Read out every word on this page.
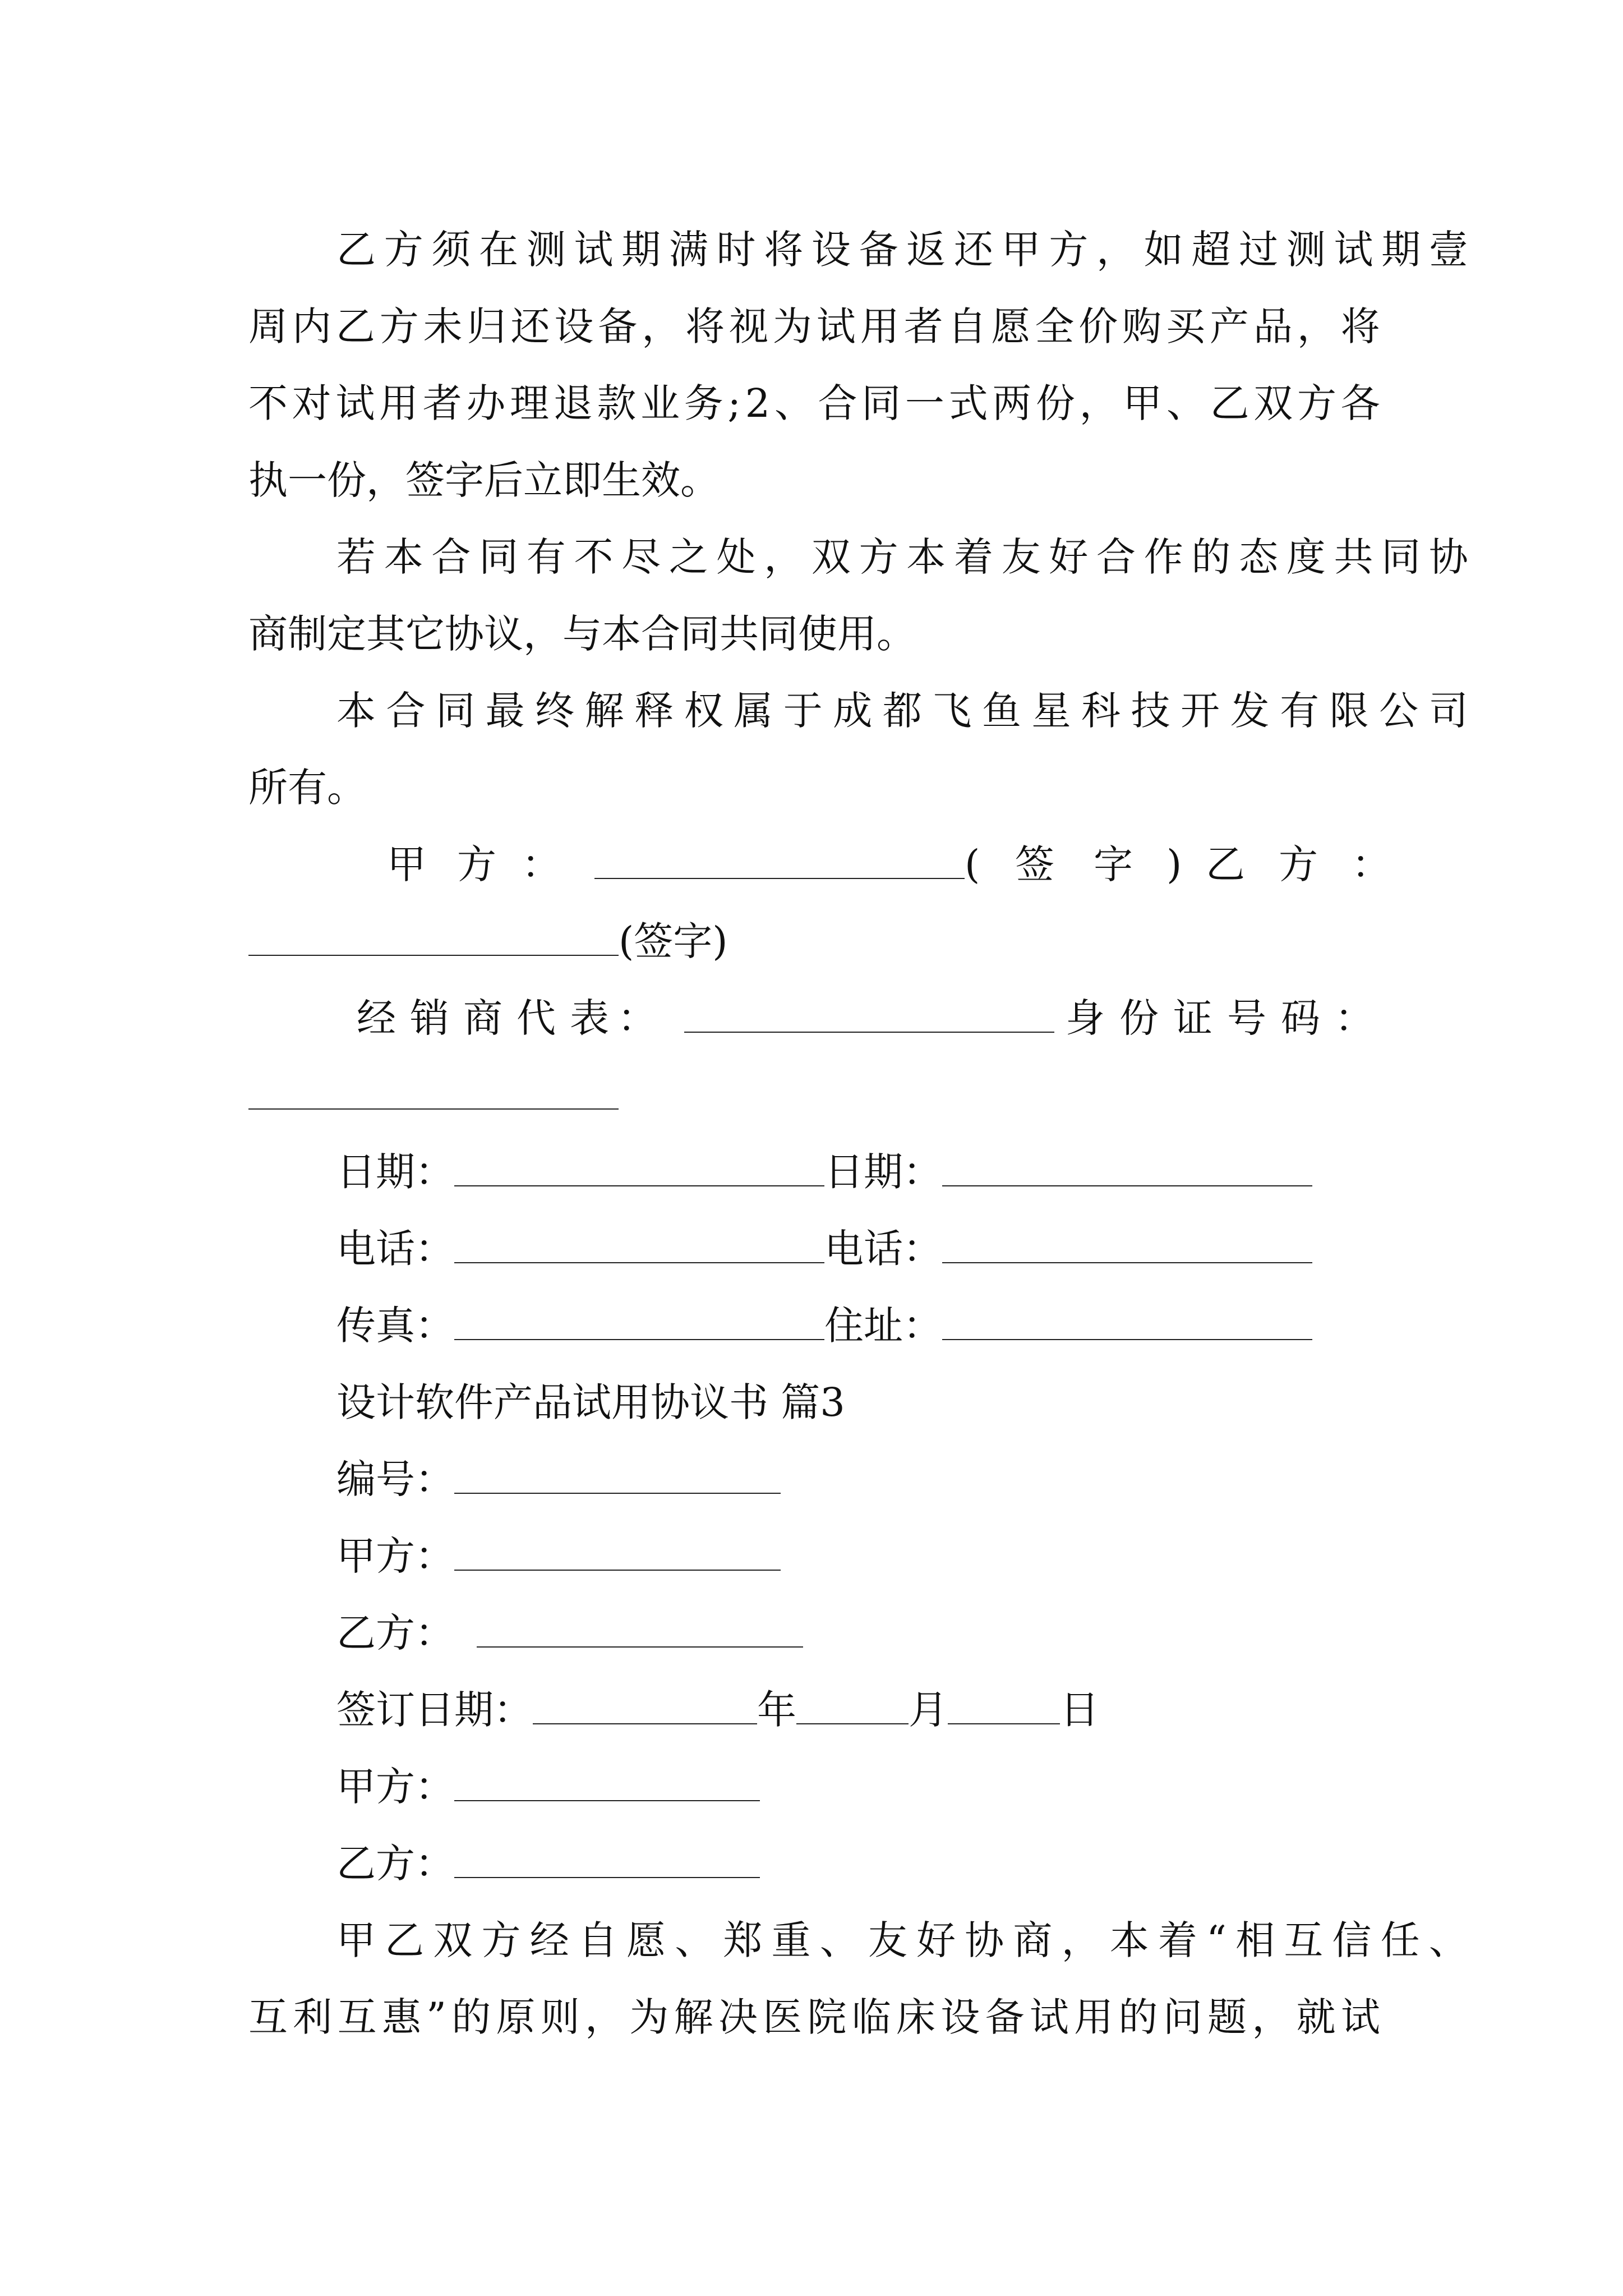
乙 方 须 在 测 试 期 满 时 将 设 备 返 还 甲 方 ， 如 超 过 测 试 期 壹
周 内 乙 方 未 归 还 设 备 ， 将 视 为 试 用 者 自 愿 全 价 购 买 产 品 ， 将
不 对 试 用 者 办 理 退 款 业 务 ; 2 、 合 同 一 式 两 份 ， 甲 、 乙 双 方 各
执一份，签字后立即生效。
若 本 合 同 有 不 尽 之 处 ， 双 方 本 着 友 好 合 作 的 态 度 共 同 协
商制定其它协议，与本合同共同使用。
本 合 同 最 终 解 释 权 属 于 成 都 飞 鱼 星 科 技 开 发 有 限 公 司
所有。
甲 方 ：	( 签 字 ) 乙 方 ：
(签字)
经 销 商 代 表 ：	身 份 证 号 码 ：
日期：	日期：
电话：	电话：
传真：	住址：
设计软件产品试用协议书 篇3
编号：
甲方：
乙方：
签订日期：	年	月	日
甲方：
乙方：
甲 乙 双 方 经 自 愿 、 郑 重 、 友 好 协 商 ， 本 着 “ 相 互 信 任 、
互 利 互 惠 ” 的 原 则 ， 为 解 决 医 院 临 床 设 备 试 用 的 问 题 ， 就 试
